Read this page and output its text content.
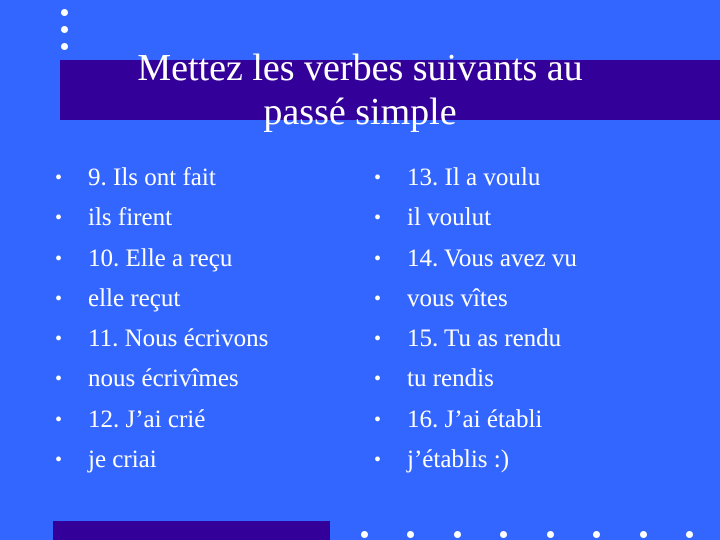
Mettez les verbes suivants au
passé simple
• 9. Ils ont fait
• ils firent
• 10. Elle a reçu
• elle reçut
• 11. Nous écrivons
• nous écrivîmes
• 12. J’ai crié
• je criai
• 13. Il a voulu
• il voulut
• 14. Vous avez vu
• vous vîtes
• 15. Tu as rendu
• tu rendis
• 16. J’ai établi
• j’établis :)
